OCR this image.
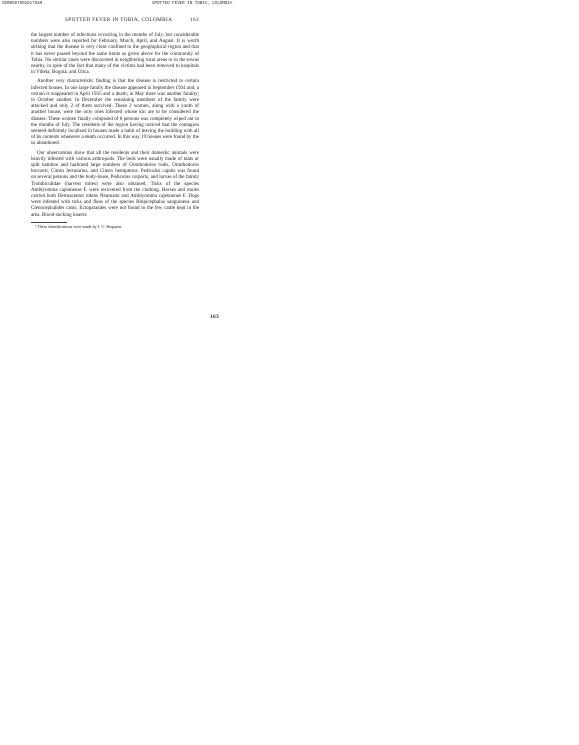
SERBS07002817580	SPOTTED FEVER IN TOBIA, COLOMBIA
SPOTTED FEVER IN TOBIA, COLOMBIA	163

the largest number of infections occurring in the months of July, but considerable numbers were also reported for February, March, April, and August. It is worth striking that the disease is very close confined to the geographical region and that it has never passed beyond the same limits as given above for the community of Tobia. No similar cases were discovered in neighboring rural areas or in the towns nearby, in spite of the fact that many of the victims had been removed to hospitals in Villeta, Bogotá, and Útica.

Another very characteristic finding is that the disease is restricted to certain infected houses. In one large family the disease appeared in September 1934 and, a certain it reappeared in April 1935 and a death; in May there was another fatality; in October another. In December the remaining members of the family were attacked and only 2 of them survived. These 2 women, along with a youth of another house, were the only ones infected whose kin are to be considered the disease. These women finally composed of 8 persons was completely wiped out in the months of July. The residents of the region having noticed that the contagion seemed definitely localized in houses made a habit of leaving the building with all of its contents whenever a death occurred. In this way 19 houses were found by the us abandoned.

Our observations show that all the residents and their domestic animals were heavily infested with various arthropods. The beds were usually made of mats or split bamboo and harbored large numbers of Ornithodoros rudis, Ornithodoros bocourti, Cimex lectularius, and Cimex hemipterus. Pediculus capitis was found on several persons and the body-louse, Pediculus corporis, and larvae of the family Trombiculidae (harvest mites) were also obtained. Ticks of the species Amblyomma cajennense F. were recovered from the clothing. Horses and mules carried both Dermacentor nitens Neumann and Amblyomma cajennense F. Dogs were infested with ticks and fleas of the species Rhipicephalus sanguineus and Ctenocephalides canis. Ectoparasites were not found in the few cattle kept in the area. Blood-sucking insects

¹ These identifications were made by J. C. Bequaert.
163
